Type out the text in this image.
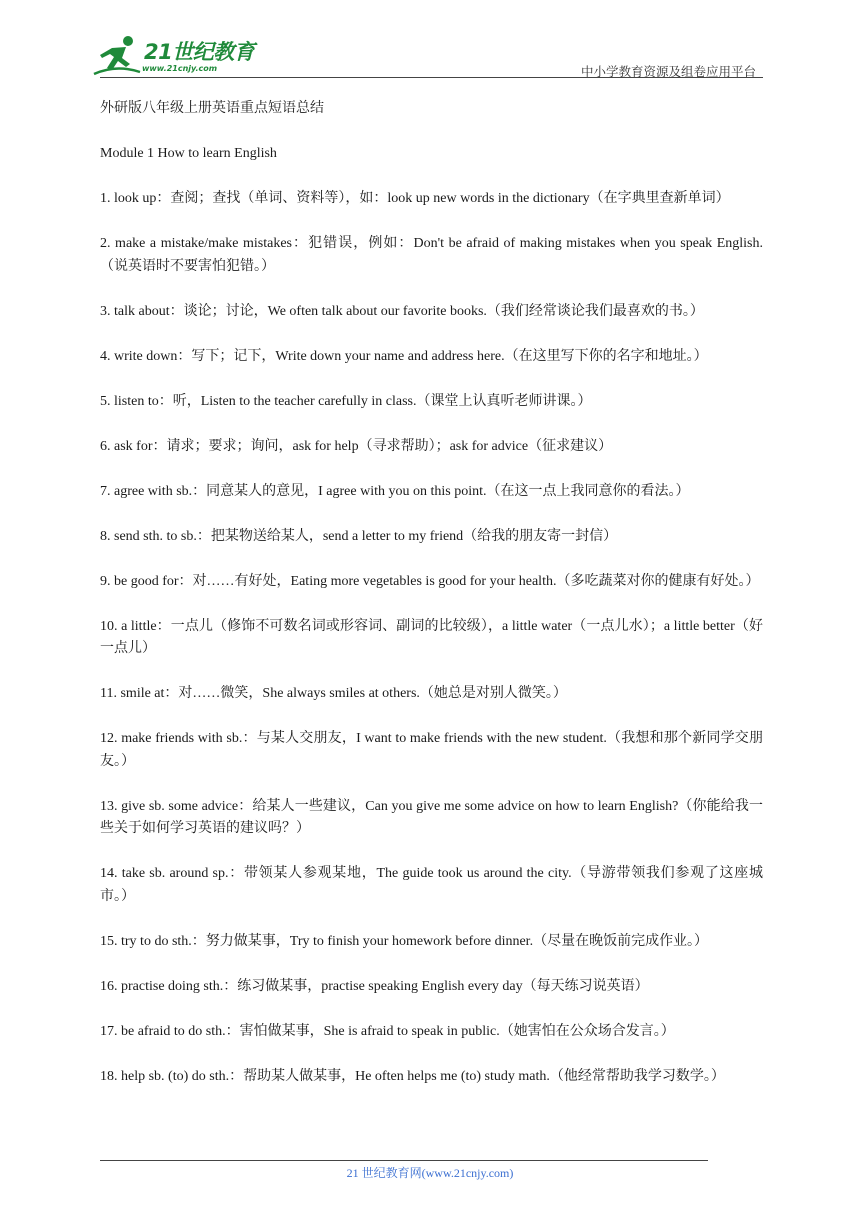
21世纪教育
www.21cnjy.com	中小学教育资源及组卷应用平台

外研版八年级上册英语重点短语总结

Module 1 How to learn English

1. look up：查阅；查找（单词、资料等），如：look up new words in the dictionary（在字典里查新单词）

2. make a mistake/make mistakes：犯错误，例如：Don't be afraid of making mistakes when you speak English.（说英语时不要害怕犯错。）

3. talk about：谈论；讨论，We often talk about our favorite books.（我们经常谈论我们最喜欢的书。）

4. write down：写下；记下，Write down your name and address here.（在这里写下你的名字和地址。）

5. listen to：听，Listen to the teacher carefully in class.（课堂上认真听老师讲课。）

6. ask for：请求；要求；询问，ask for help（寻求帮助）；ask for advice（征求建议）

7. agree with sb.：同意某人的意见，I agree with you on this point.（在这一点上我同意你的看法。）

8. send sth. to sb.：把某物送给某人，send a letter to my friend（给我的朋友寄一封信）

9. be good for：对……有好处，Eating more vegetables is good for your health.（多吃蔬菜对你的健康有好处。）

10. a little：一点儿（修饰不可数名词或形容词、副词的比较级），a little water（一点儿水）；a little better（好一点儿）

11. smile at：对……微笑，She always smiles at others.（她总是对别人微笑。）

12. make friends with sb.：与某人交朋友，I want to make friends with the new student.（我想和那个新同学交朋友。）

13. give sb. some advice：给某人一些建议，Can you give me some advice on how to learn English?（你能给我一些关于如何学习英语的建议吗？）

14. take sb. around sp.：带领某人参观某地，The guide took us around the city.（导游带领我们参观了这座城市。）

15. try to do sth.：努力做某事，Try to finish your homework before dinner.（尽量在晚饭前完成作业。）

16. practise doing sth.：练习做某事，practise speaking English every day（每天练习说英语）

17. be afraid to do sth.：害怕做某事，She is afraid to speak in public.（她害怕在公众场合发言。）

18. help sb. (to) do sth.：帮助某人做某事，He often helps me (to) study math.（他经常帮助我学习数学。）

21 世纪教育网(www.21cnjy.com)
